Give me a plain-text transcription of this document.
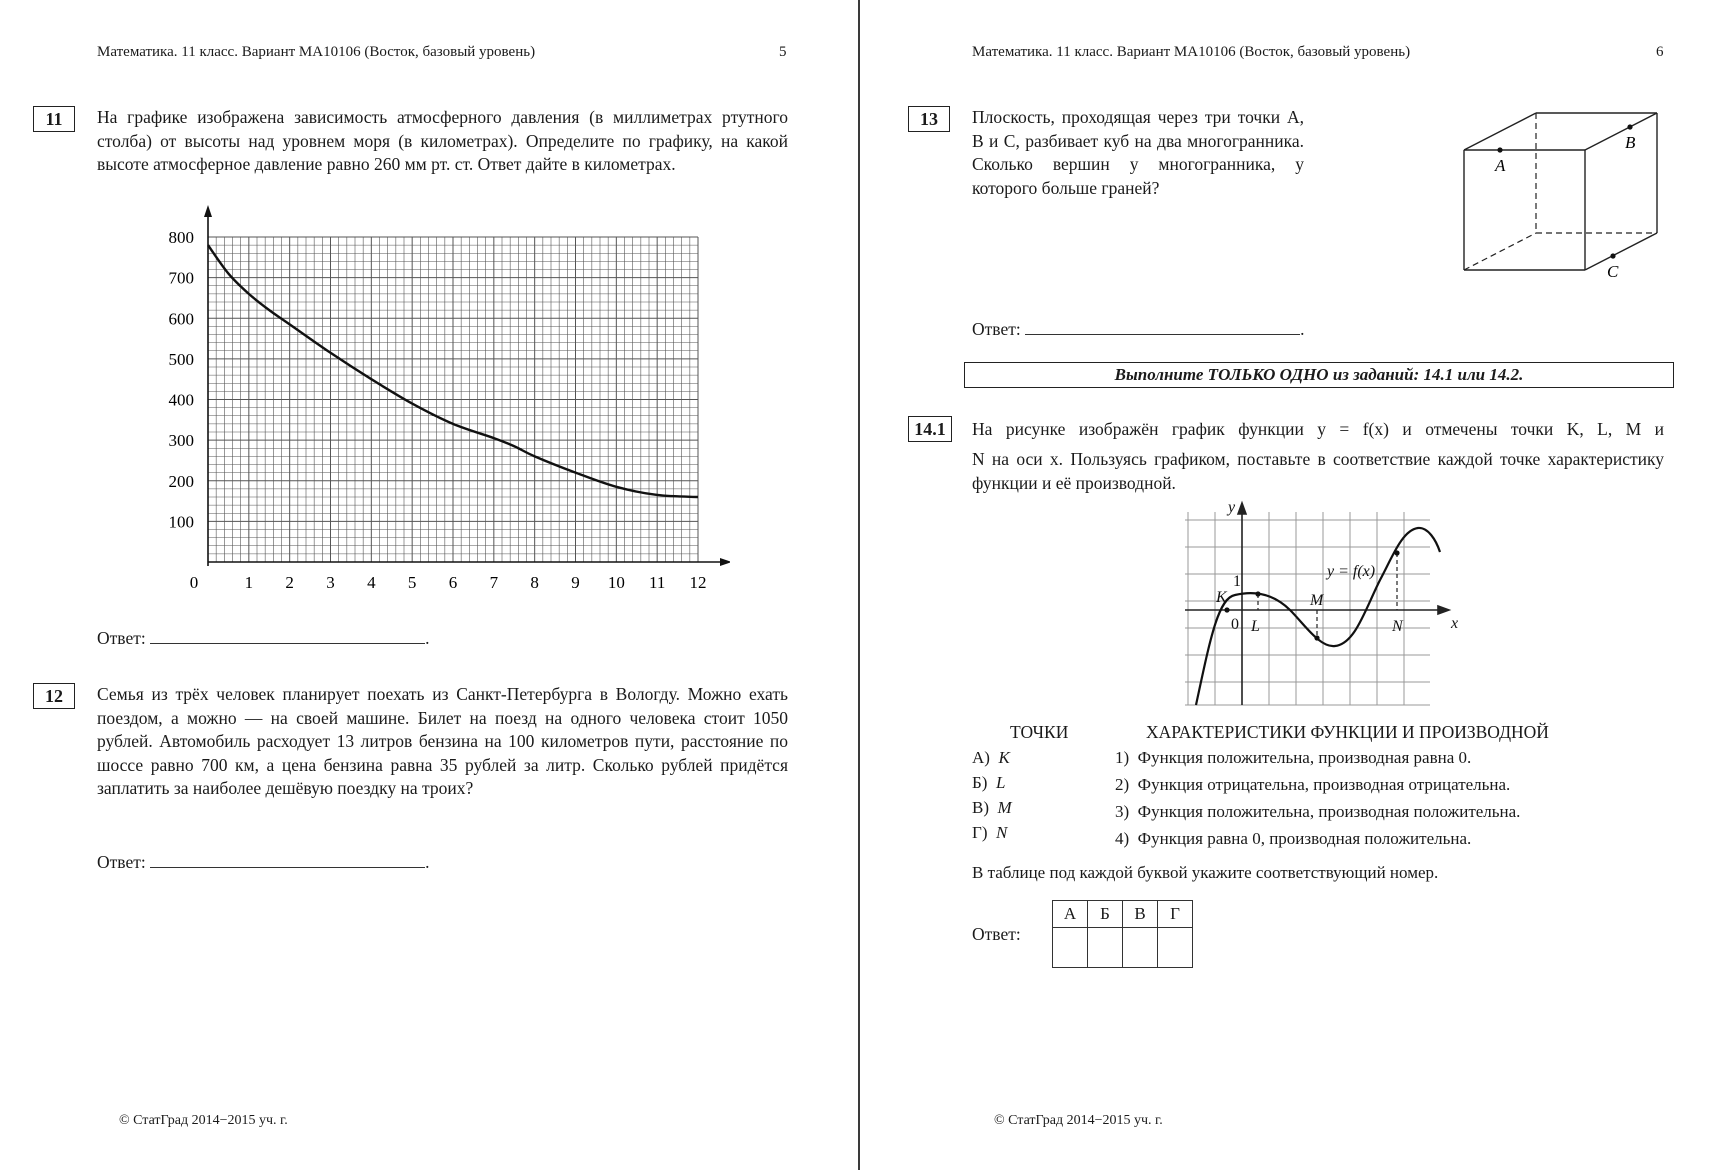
Математика. 11 класс. Вариант МА10106 (Восток, базовый уровень)	5
11	На графике изображена зависимость атмосферного давления (в миллиметрах ртутного столба) от высоты над уровнем моря (в километрах). Определите по графику, на какой высоте атмосферное давление равно 260 мм рт. ст. Ответ дайте в километрах.
0	1 2 3 4 5 6 7 8 9 10 11 12
100
200
300
400
500
600
700
800
Ответ:	.
12	Семья из трёх человек планирует поехать из Санкт-Петербурга в Вологду. Можно ехать поездом, а можно — на своей машине. Билет на поезд на одного человека стоит 1050 рублей. Автомобиль расходует 13 литров бензина на 100 километров пути, расстояние по шоссе равно 700 км, а цена бензина равна 35 рублей за литр. Сколько рублей придётся заплатить за наиболее дешёвую поездку на троих?
Ответ:	.
© СтатГрад 2014−2015 уч. г.
Математика. 11 класс. Вариант МА10106 (Восток, базовый уровень)	6
13	Плоскость, проходящая через три точки A, B и C, разбивает куб на два многогранника. Сколько вершин у многогранника, у которого больше граней?
A
B
C
Ответ:	.
Выполните ТОЛЬКО ОДНО из заданий: 14.1 или 14.2.
14.1	На рисунке изображён график функции y = f(x) и отмечены точки K, L, M и
N на оси x. Пользуясь графиком, поставьте в соответствие каждой точке характеристику функции и её производной.
y
x
1
0
y = f(x)
K
L
M
N
ТОЧКИ	ХАРАКТЕРИСТИКИ ФУНКЦИИ И ПРОИЗВОДНОЙ
А) K
Б) L
В) M
Г) N
1) Функция положительна, производная равна 0.
2) Функция отрицательна, производная отрицательна.
3) Функция положительна, производная положительна.
4) Функция равна 0, производная положительна.
В таблице под каждой буквой укажите соответствующий номер.
Ответ:
А	Б	В	Г

© СтатГрад 2014−2015 уч. г.
